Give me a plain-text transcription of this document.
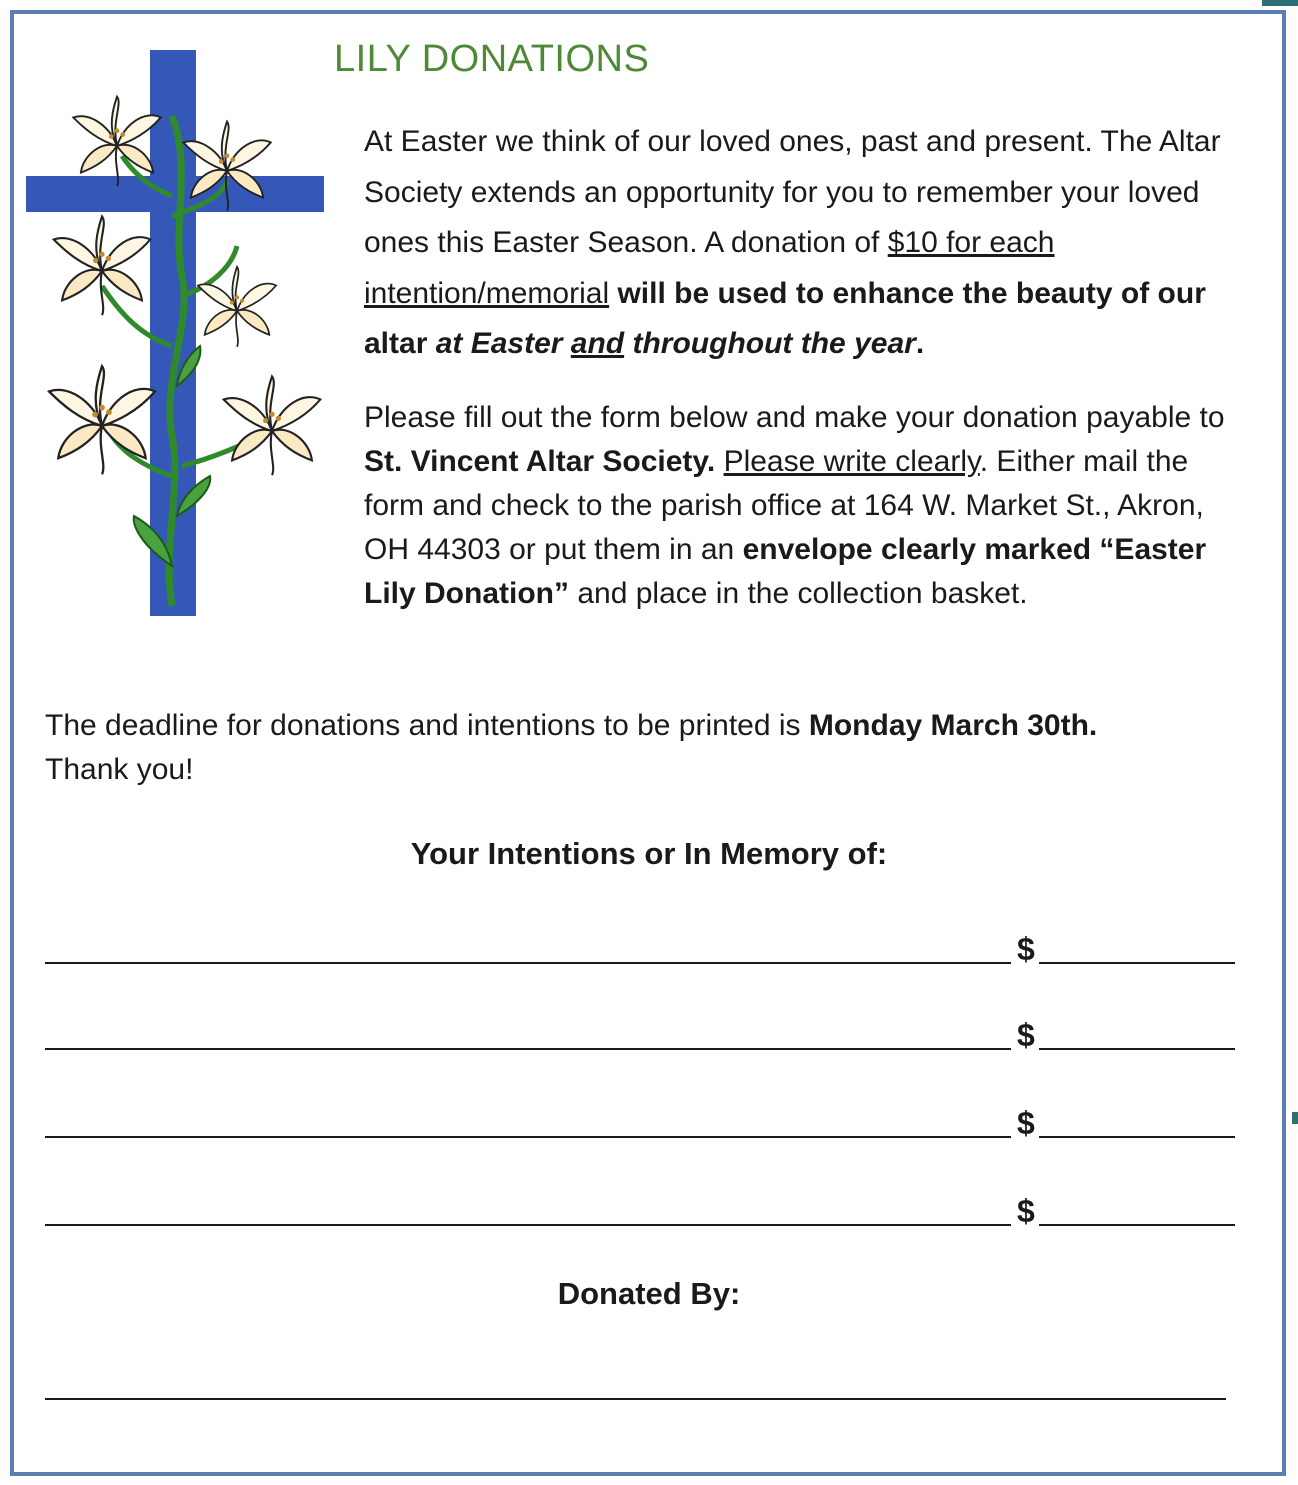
LILY DONATIONS

At Easter we think of our loved ones, past and present. The Altar Society extends an opportunity for you to remember your loved ones this Easter Season. A donation of $10 for each intention/memorial will be used to enhance the beauty of our altar at Easter and throughout the year.

Please fill out the form below and make your donation payable to St. Vincent Altar Society. Please write clearly. Either mail the form and check to the parish office at 164 W. Market St., Akron, OH 44303 or put them in an envelope clearly marked “Easter Lily Donation” and place in the collection basket.

The deadline for donations and intentions to be printed is Monday March 30th.
Thank you!

Your Intentions or In Memory of:
$
$
$
$
Donated By:
